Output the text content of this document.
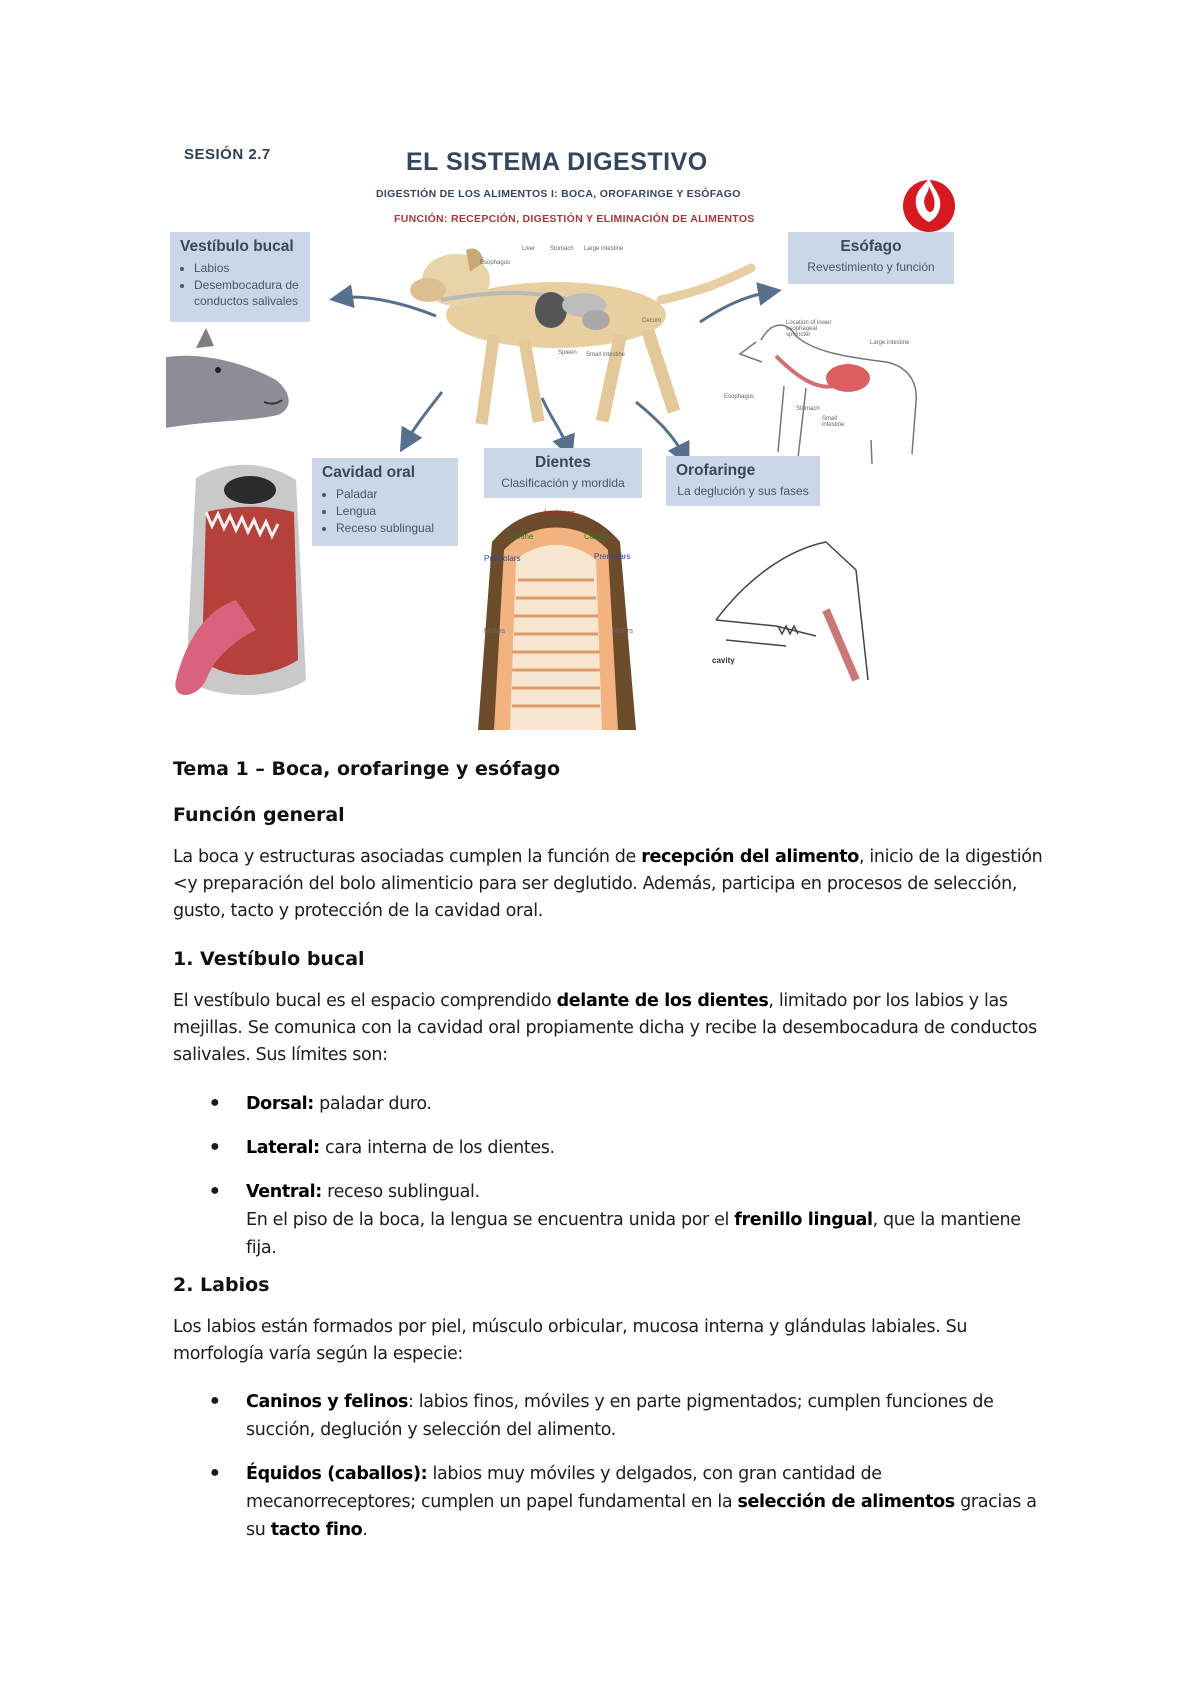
SESIÓN 2.7	EL SISTEMA DIGESTIVO
DIGESTIÓN DE LOS ALIMENTOS I: BOCA, OROFARINGE Y ESÓFAGO
FUNCIÓN: RECEPCIÓN, DIGESTIÓN Y ELIMINACIÓN DE ALIMENTOS
Vestíbulo bucal
• Labios
• Desembocadura de conductos salivales
Esófago
Revestimiento y función
Cavidad oral
• Paladar
• Lengua
• Receso sublingual
Dientes
Clasificación y mordida
Orofaringe
La deglución y sus fases
Incisors
Canine	Canine
Premolars	Premolars
Molars	Molars
Liver Stomach Large intestine
Esophagus
Cecum
Spleen Small intestine
Location of lower esophageal sphincter
Large intestine
Esophagus
Stomach
Small intestine
cavity
Tema 1 – Boca, orofaringe y esófago
Función general
La boca y estructuras asociadas cumplen la función de recepción del alimento, inicio de la digestión <y preparación del bolo alimenticio para ser deglutido. Además, participa en procesos de selección, gusto, tacto y protección de la cavidad oral.
1. Vestíbulo bucal
El vestíbulo bucal es el espacio comprendido delante de los dientes, limitado por los labios y las mejillas. Se comunica con la cavidad oral propiamente dicha y recibe la desembocadura de conductos salivales. Sus límites son:
● Dorsal: paladar duro.
● Lateral: cara interna de los dientes.
● Ventral: receso sublingual.
En el piso de la boca, la lengua se encuentra unida por el frenillo lingual, que la mantiene fija.
2. Labios
Los labios están formados por piel, músculo orbicular, mucosa interna y glándulas labiales. Su morfología varía según la especie:
● Caninos y felinos: labios finos, móviles y en parte pigmentados; cumplen funciones de succión, deglución y selección del alimento.
● Équidos (caballos): labios muy móviles y delgados, con gran cantidad de mecanorreceptores; cumplen un papel fundamental en la selección de alimentos gracias a su tacto fino.
